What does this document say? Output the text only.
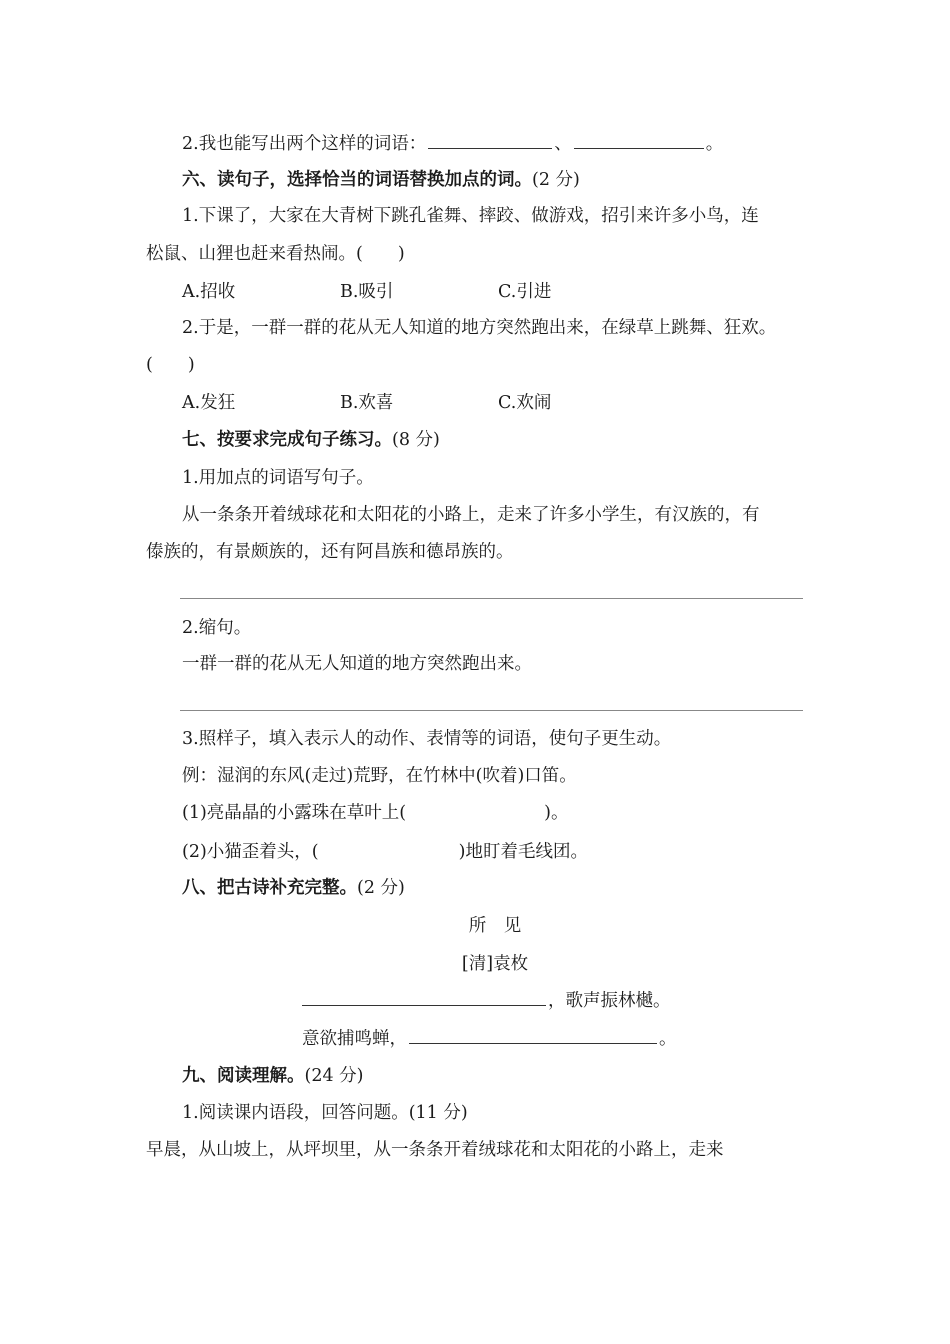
2.我也能写出两个这样的词语：	、	。
六、读句子，选择恰当的词语替换加点的词。(2 分)
1.下课了，大家在大青树下跳孔雀舞、摔跤、做游戏，招引来许多小鸟，连
松鼠、山狸也赶来看热闹。(　　)
A.招收	B.吸引	C.引进
2.于是，一群一群的花从无人知道的地方突然跑出来，在绿草上跳舞、狂欢。
(　　)
A.发狂	B.欢喜	C.欢闹
七、按要求完成句子练习。(8 分)
1.用加点的词语写句子。
从一条条开着绒球花和太阳花的小路上，走来了许多小学生，有汉族的，有
傣族的，有景颇族的，还有阿昌族和德昂族的。
2.缩句。
一群一群的花从无人知道的地方突然跑出来。
3.照样子，填入表示人的动作、表情等的词语，使句子更生动。
例：湿润的东风(走过)荒野，在竹林中(吹着)口笛。
(1)亮晶晶的小露珠在草叶上(	)。
(2)小猫歪着头，(	)地盯着毛线团。
八、把古诗补充完整。(2 分)
所　见
[清]袁枚
，歌声振林樾。
意欲捕鸣蝉，	。
九、阅读理解。(24 分)
1.阅读课内语段，回答问题。(11 分)
早晨，从山坡上，从坪坝里，从一条条开着绒球花和太阳花的小路上，走来
